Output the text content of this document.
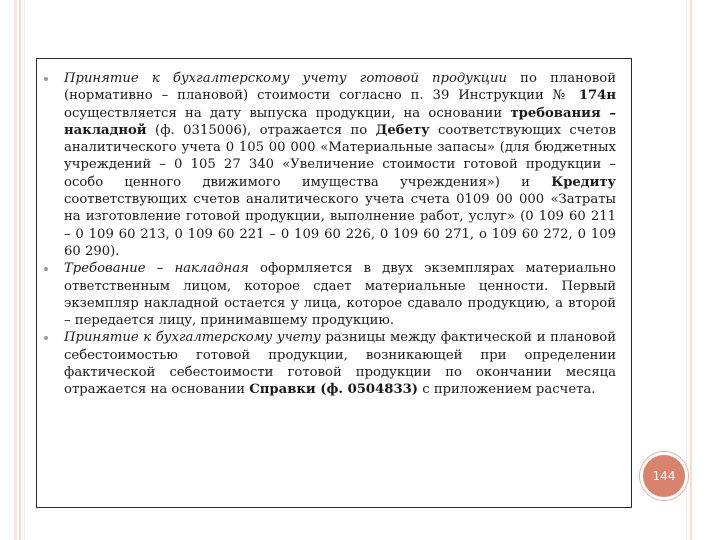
Принятие к бухгалтерскому учету готовой продукции по плановой (нормативно – плановой) стоимости согласно п. 39 Инструкции № 174н осуществляется на дату выпуска продукции, на основании требования – накладной (ф. 0315006), отражается по Дебету соответствующих счетов аналитического учета 0 105 00 000 «Материальные запасы» (для бюджетных учреждений – 0 105 27 340 «Увеличение стоимости готовой продукции – особо ценного движимого имущества учреждения») и Кредиту соответствующих счетов аналитического учета счета 0109 00 000 «Затраты на изготовление готовой продукции, выполнение работ, услуг» (0 109 60 211 – 0 109 60 213, 0 109 60 221 – 0 109 60 226, 0 109 60 271, о 109 60 272, 0 109 60 290).
Требование – накладная оформляется в двух экземплярах материально ответственным лицом, которое сдает материальные ценности. Первый экземпляр накладной остается у лица, которое сдавало продукцию, а второй – передается лицу, принимавшему продукцию.
Принятие к бухгалтерскому учету разницы между фактической и плановой себестоимостью готовой продукции, возникающей при определении фактической себестоимости готовой продукции по окончании месяца отражается на основании Справки (ф. 0504833) с приложением расчета.
144
